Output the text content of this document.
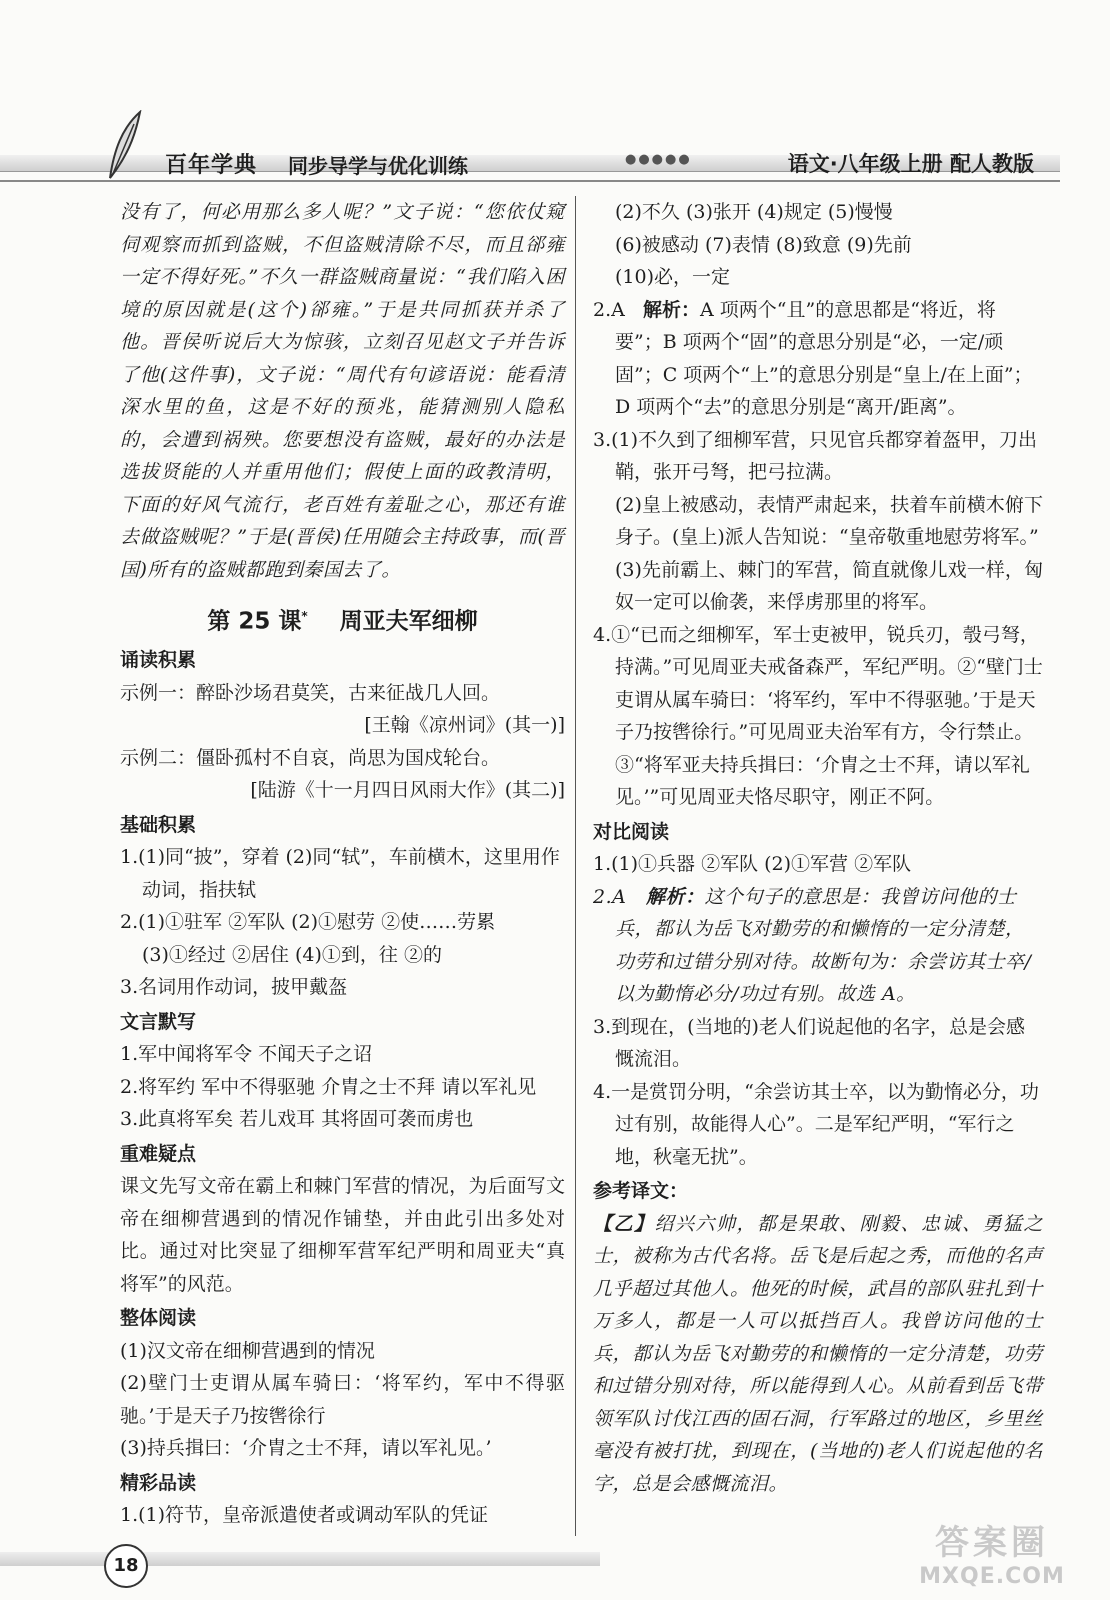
百年学典 同步导学与优化训练	●●●●●	语文·八年级上册 配人教版

没有了，何必用那么多人呢？”文子说：“您依仗窥伺观察而抓到盗贼，不但盗贼清除不尽，而且郤雍一定不得好死。”不久一群盗贼商量说：“我们陷入困境的原因就是(这个)郤雍。”于是共同抓获并杀了他。晋侯听说后大为惊骇，立刻召见赵文子并告诉了他(这件事)，文子说：“周代有句谚语说：能看清深水里的鱼，这是不好的预兆，能猜测别人隐私的，会遭到祸殃。您要想没有盗贼，最好的办法是选拔贤能的人并重用他们；假使上面的政教清明，下面的好风气流行，老百姓有羞耻之心，那还有谁去做盗贼呢？”于是(晋侯)任用随会主持政事，而(晋国)所有的盗贼都跑到秦国去了。

第 25 课* 周亚夫军细柳
诵读积累

示例一：醉卧沙场君莫笑，古来征战几人回。

[王翰《凉州词》(其一)]

示例二：僵卧孤村不自哀，尚思为国戍轮台。

[陆游《十一月四日风雨大作》(其二)]

基础积累

1.(1)同“披”，穿着 (2)同“轼”，车前横木，这里用作动词，指扶轼

2.(1)①驻军 ②军队 (2)①慰劳 ②使……劳累

(3)①经过 ②居住 (4)①到，往 ②的

3.名词用作动词，披甲戴盔

文言默写

1.军中闻将军令 不闻天子之诏

2.将军约 军中不得驱驰 介胄之士不拜 请以军礼见

3.此真将军矣 若儿戏耳 其将固可袭而虏也

重难疑点

课文先写文帝在霸上和棘门军营的情况，为后面写文帝在细柳营遇到的情况作铺垫，并由此引出多处对比。通过对比突显了细柳军营军纪严明和周亚夫“真将军”的风范。

整体阅读

(1)汉文帝在细柳营遇到的情况

(2)壁门士吏谓从属车骑曰：‘将军约，军中不得驱驰。’于是天子乃按辔徐行

(3)持兵揖曰：‘介胄之士不拜，请以军礼见。’

精彩品读

1.(1)符节，皇帝派遣使者或调动军队的凭证

(2)不久 (3)张开 (4)规定 (5)慢慢

(6)被感动 (7)表情 (8)致意 (9)先前

(10)必，一定

2.A 解析：A 项两个“且”的意思都是“将近，将要”；B 项两个“固”的意思分别是“必，一定/顽固”；C 项两个“上”的意思分别是“皇上/在上面”；D 项两个“去”的意思分别是“离开/距离”。

3.(1)不久到了细柳军营，只见官兵都穿着盔甲，刀出鞘，张开弓弩，把弓拉满。

(2)皇上被感动，表情严肃起来，扶着车前横木俯下身子。(皇上)派人告知说：“皇帝敬重地慰劳将军。”

(3)先前霸上、棘门的军营，简直就像儿戏一样，匈奴一定可以偷袭，来俘虏那里的将军。

4.①“已而之细柳军，军士吏被甲，锐兵刃，彀弓弩，持满。”可见周亚夫戒备森严，军纪严明。②“壁门士吏谓从属车骑曰：‘将军约，军中不得驱驰。’于是天子乃按辔徐行。”可见周亚夫治军有方，令行禁止。③“将军亚夫持兵揖曰：‘介胄之士不拜，请以军礼见。’”可见周亚夫恪尽职守，刚正不阿。

对比阅读

1.(1)①兵器 ②军队 (2)①军营 ②军队

2.A 解析：这个句子的意思是：我曾访问他的士兵，都认为岳飞对勤劳的和懒惰的一定分清楚，功劳和过错分别对待。故断句为：余尝访其士卒/以为勤惰必分/功过有别。故选 A。

3.到现在，(当地的)老人们说起他的名字，总是会感慨流泪。

4.一是赏罚分明，“余尝访其士卒，以为勤惰必分，功过有别，故能得人心”。二是军纪严明，“军行之地，秋毫无扰”。

参考译文：

【乙】绍兴六帅，都是果敢、刚毅、忠诚、勇猛之士，被称为古代名将。岳飞是后起之秀，而他的名声几乎超过其他人。他死的时候，武昌的部队驻扎到十万多人，都是一人可以抵挡百人。我曾访问他的士兵，都认为岳飞对勤劳的和懒惰的一定分清楚，功劳和过错分别对待，所以能得到人心。从前看到岳飞带领军队讨伐江西的固石洞，行军路过的地区，乡里丝毫没有被打扰，到现在，(当地的)老人们说起他的名字，总是会感慨流泪。

18
答案圈
MXQE.COM
